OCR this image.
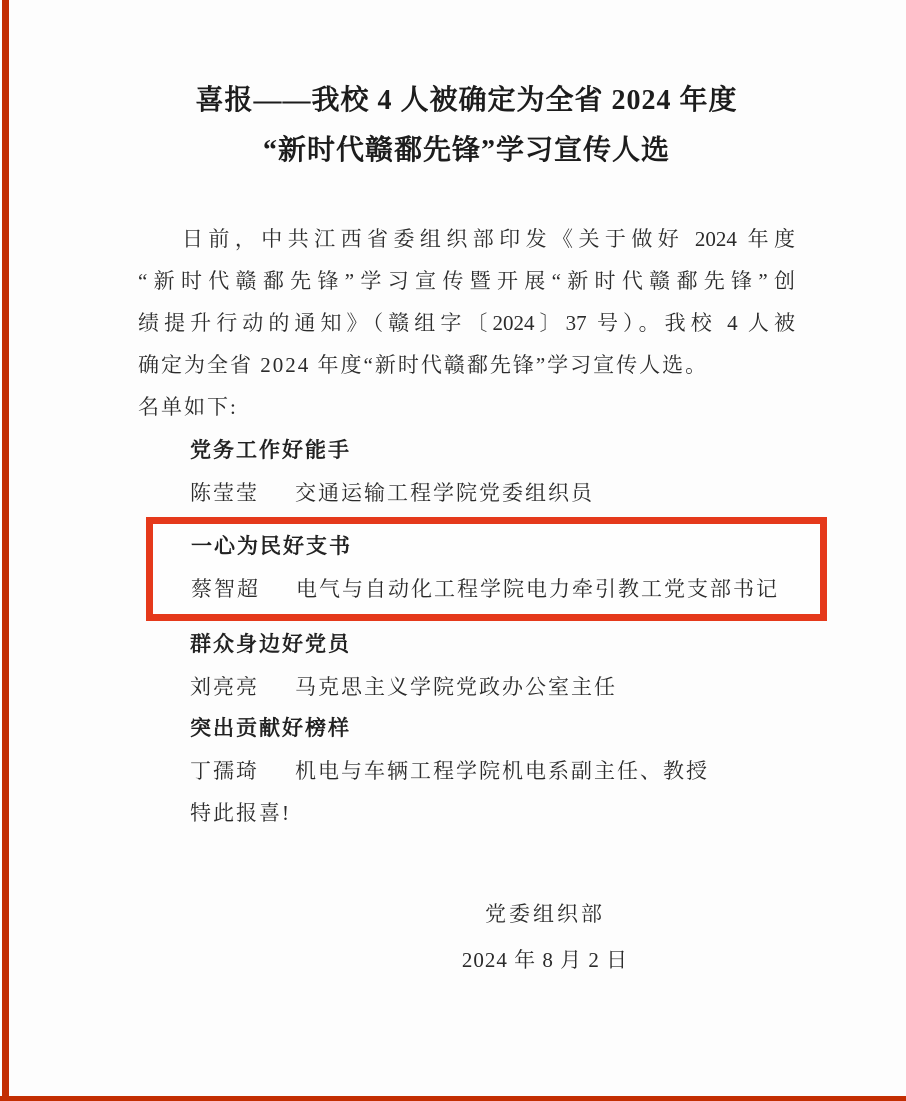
喜报——我校 4 人被确定为全省 2024 年度
“新时代赣鄱先锋”学习宣传人选
日前，中共江西省委组织部印发《关于做好 2024 年度
“新时代赣鄱先锋”学习宣传暨开展“新时代赣鄱先锋”创
绩提升行动的通知》（赣组字〔2024〕37 号）。我校 4 人被
确定为全省 2024 年度“新时代赣鄱先锋”学习宣传人选。
名单如下:
党务工作好能手
陈莹莹 交通运输工程学院党委组织员
一心为民好支书
蔡智超 电气与自动化工程学院电力牵引教工党支部书记
群众身边好党员
刘亮亮 马克思主义学院党政办公室主任
突出贡献好榜样
丁孺琦 机电与车辆工程学院机电系副主任、教授
特此报喜!
党委组织部
2024 年 8 月 2 日
